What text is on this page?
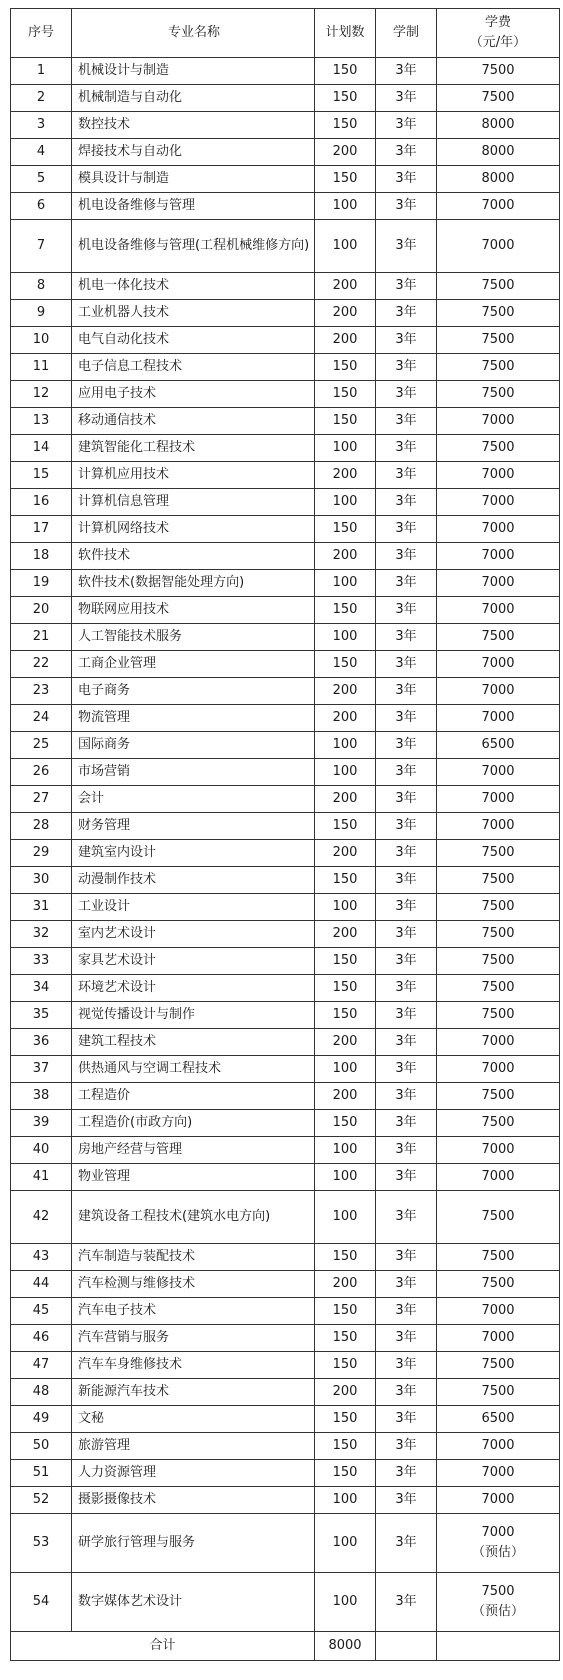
序号	专业名称	计划数	学制	学费
（元/年）

1	机械设计与制造	150	3年	7500

2	机械制造与自动化	150	3年	7500

3	数控技术	150	3年	8000

4	焊接技术与自动化	200	3年	8000

5	模具设计与制造	150	3年	8000

6	机电设备维修与管理	100	3年	7000

7	机电设备维修与管理(工程机械维修方向)	100	3年	7000

8	机电一体化技术	200	3年	7500

9	工业机器人技术	200	3年	7500

10	电气自动化技术	200	3年	7500

11	电子信息工程技术	150	3年	7500

12	应用电子技术	150	3年	7500

13	移动通信技术	150	3年	7000

14	建筑智能化工程技术	100	3年	7500

15	计算机应用技术	200	3年	7000

16	计算机信息管理	100	3年	7000

17	计算机网络技术	150	3年	7000

18	软件技术	200	3年	7000

19	软件技术(数据智能处理方向)	100	3年	7000

20	物联网应用技术	150	3年	7000

21	人工智能技术服务	100	3年	7500

22	工商企业管理	150	3年	7000

23	电子商务	200	3年	7000

24	物流管理	200	3年	7000

25	国际商务	100	3年	6500

26	市场营销	100	3年	7000

27	会计	200	3年	7000

28	财务管理	150	3年	7000

29	建筑室内设计	200	3年	7500

30	动漫制作技术	150	3年	7500

31	工业设计	100	3年	7500

32	室内艺术设计	200	3年	7500

33	家具艺术设计	150	3年	7500

34	环境艺术设计	150	3年	7500

35	视觉传播设计与制作	150	3年	7500

36	建筑工程技术	200	3年	7000

37	供热通风与空调工程技术	100	3年	7000

38	工程造价	200	3年	7500

39	工程造价(市政方向)	150	3年	7500

40	房地产经营与管理	100	3年	7000

41	物业管理	100	3年	7000

42	建筑设备工程技术(建筑水电方向)	100	3年	7500

43	汽车制造与装配技术	150	3年	7500

44	汽车检测与维修技术	200	3年	7500

45	汽车电子技术	150	3年	7000

46	汽车营销与服务	150	3年	7000

47	汽车车身维修技术	150	3年	7500

48	新能源汽车技术	200	3年	7500

49	文秘	150	3年	6500

50	旅游管理	150	3年	7000

51	人力资源管理	150	3年	7000

52	摄影摄像技术	100	3年	7000

53	研学旅行管理与服务	100	3年	7000
（预估）

54	数字媒体艺术设计	100	3年	7500
（预估）

合计		8000		
